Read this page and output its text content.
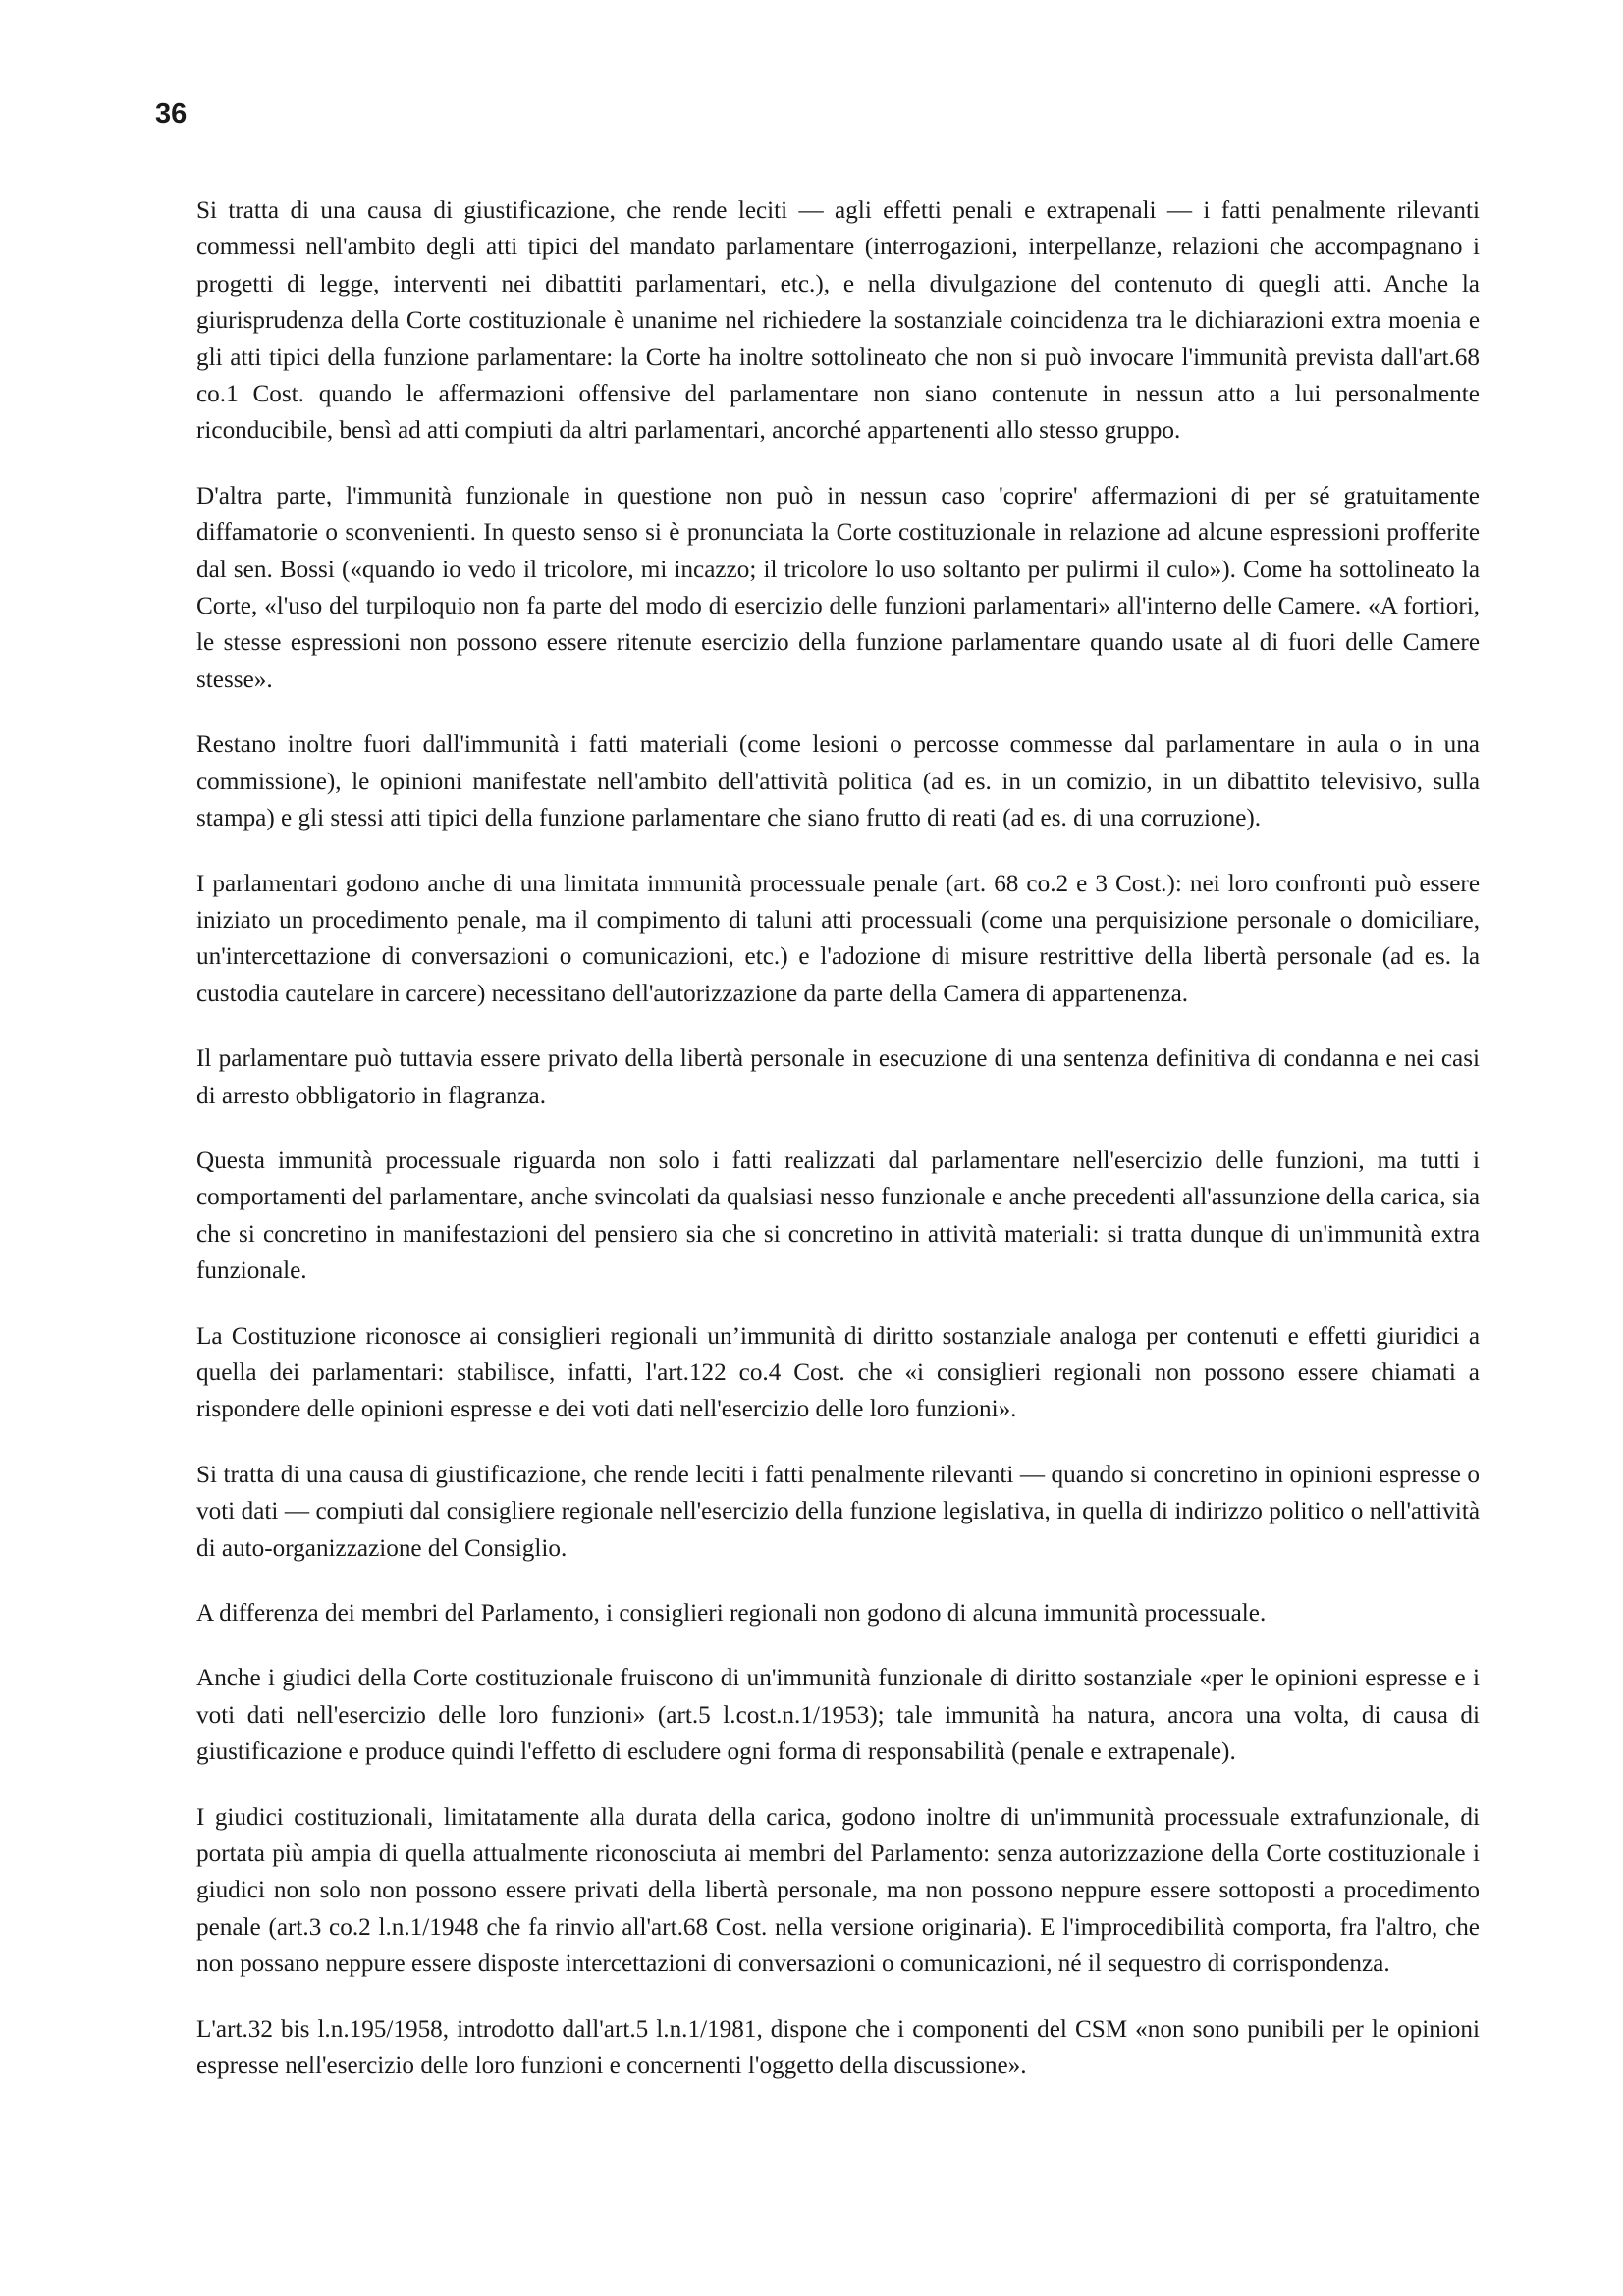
36

Si tratta di una causa di giustificazione, che rende leciti — agli effetti penali e extrapenali — i fatti penalmente rilevanti commessi nell'ambito degli atti tipici del mandato parlamentare (interrogazioni, interpellanze, relazioni che accompagnano i progetti di legge, interventi nei dibattiti parlamentari, etc.), e nella divulgazione del contenuto di quegli atti. Anche la giurisprudenza della Corte costituzionale è unanime nel richiedere la sostanziale coincidenza tra le dichiarazioni extra moenia e gli atti tipici della funzione parlamentare: la Corte ha inoltre sottolineato che non si può invocare l'immunità prevista dall'art.68 co.1 Cost. quando le affermazioni offensive del parlamentare non siano contenute in nessun atto a lui personalmente riconducibile, bensì ad atti compiuti da altri parlamentari, ancorché appartenenti allo stesso gruppo.

D'altra parte, l'immunità funzionale in questione non può in nessun caso 'coprire' affermazioni di per sé gratuitamente diffamatorie o sconvenienti. In questo senso si è pronunciata la Corte costituzionale in relazione ad alcune espressioni profferite dal sen. Bossi («quando io vedo il tricolore, mi incazzo; il tricolore lo uso soltanto per pulirmi il culo»). Come ha sottolineato la Corte, «l'uso del turpiloquio non fa parte del modo di esercizio delle funzioni parlamentari» all'interno delle Camere. «A fortiori, le stesse espressioni non possono essere ritenute esercizio della funzione parlamentare quando usate al di fuori delle Camere stesse».

Restano inoltre fuori dall'immunità i fatti materiali (come lesioni o percosse commesse dal parlamentare in aula o in una commissione), le opinioni manifestate nell'ambito dell'attività politica (ad es. in un comizio, in un dibattito televisivo, sulla stampa) e gli stessi atti tipici della funzione parlamentare che siano frutto di reati (ad es. di una corruzione).

I parlamentari godono anche di una limitata immunità processuale penale (art. 68 co.2 e 3 Cost.): nei loro confronti può essere iniziato un procedimento penale, ma il compimento di taluni atti processuali (come una perquisizione personale o domiciliare, un'intercettazione di conversazioni o comunicazioni, etc.) e l'adozione di misure restrittive della libertà personale (ad es. la custodia cautelare in carcere) necessitano dell'autorizzazione da parte della Camera di appartenenza.

Il parlamentare può tuttavia essere privato della libertà personale in esecuzione di una sentenza definitiva di condanna e nei casi di arresto obbligatorio in flagranza.

Questa immunità processuale riguarda non solo i fatti realizzati dal parlamentare nell'esercizio delle funzioni, ma tutti i comportamenti del parlamentare, anche svincolati da qualsiasi nesso funzionale e anche precedenti all'assunzione della carica, sia che si concretino in manifestazioni del pensiero sia che si concretino in attività materiali: si tratta dunque di un'immunità extra funzionale.

La Costituzione riconosce ai consiglieri regionali un’immunità di diritto sostanziale analoga per contenuti e effetti giuridici a quella dei parlamentari: stabilisce, infatti, l'art.122 co.4 Cost. che «i consiglieri regionali non possono essere chiamati a rispondere delle opinioni espresse e dei voti dati nell'esercizio delle loro funzioni».

Si tratta di una causa di giustificazione, che rende leciti i fatti penalmente rilevanti — quando si concretino in opinioni espresse o voti dati — compiuti dal consigliere regionale nell'esercizio della funzione legislativa, in quella di indirizzo politico o nell'attività di auto-organizzazione del Consiglio.

A differenza dei membri del Parlamento, i consiglieri regionali non godono di alcuna immunità processuale.

Anche i giudici della Corte costituzionale fruiscono di un'immunità funzionale di diritto sostanziale «per le opinioni espresse e i voti dati nell'esercizio delle loro funzioni» (art.5 l.cost.n.1/1953); tale immunità ha natura, ancora una volta, di causa di giustificazione e produce quindi l'effetto di escludere ogni forma di responsabilità (penale e extrapenale).

I giudici costituzionali, limitatamente alla durata della carica, godono inoltre di un'immunità processuale extrafunzionale, di portata più ampia di quella attualmente riconosciuta ai membri del Parlamento: senza autorizzazione della Corte costituzionale i giudici non solo non possono essere privati della libertà personale, ma non possono neppure essere sottoposti a procedimento penale (art.3 co.2 l.n.1/1948 che fa rinvio all'art.68 Cost. nella versione originaria). E l'improcedibilità comporta, fra l'altro, che non possano neppure essere disposte intercettazioni di conversazioni o comunicazioni, né il sequestro di corrispondenza.

L'art.32 bis l.n.195/1958, introdotto dall'art.5 l.n.1/1981, dispone che i componenti del CSM «non sono punibili per le opinioni espresse nell'esercizio delle loro funzioni e concernenti l'oggetto della discussione».
